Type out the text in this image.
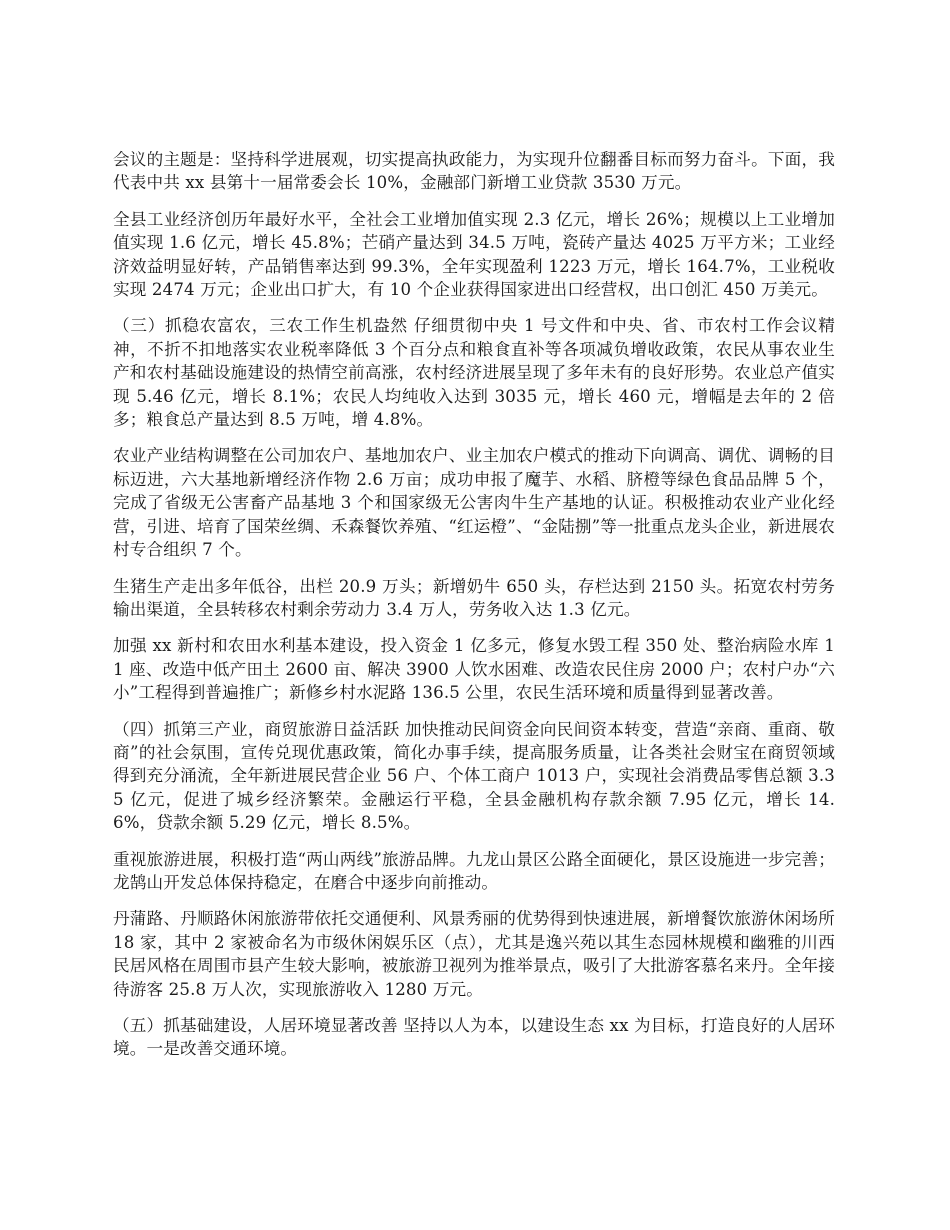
会议的主题是：坚持科学进展观，切实提高执政能力，为实现升位翻番目标而努力奋斗。下面，我代表中共 xx 县第十一届常委会长 10%，金融部门新增工业贷款 3530 万元。

全县工业经济创历年最好水平，全社会工业增加值实现 2.3 亿元，增长 26%；规模以上工业增加值实现 1.6 亿元，增长 45.8%；芒硝产量达到 34.5 万吨，瓷砖产量达 4025 万平方米；工业经济效益明显好转，产品销售率达到 99.3%，全年实现盈利 1223 万元，增长 164.7%，工业税收实现 2474 万元；企业出口扩大，有 10 个企业获得国家进出口经营权，出口创汇 450 万美元。

（三）抓稳农富农，三农工作生机盎然 仔细贯彻中央 1 号文件和中央、省、市农村工作会议精神，不折不扣地落实农业税率降低 3 个百分点和粮食直补等各项减负增收政策，农民从事农业生产和农村基础设施建设的热情空前高涨，农村经济进展呈现了多年未有的良好形势。农业总产值实现 5.46 亿元，增长 8.1%；农民人均纯收入达到 3035 元，增长 460 元，增幅是去年的 2 倍多；粮食总产量达到 8.5 万吨，增 4.8%。

农业产业结构调整在公司加农户、基地加农户、业主加农户模式的推动下向调高、调优、调畅的目标迈进，六大基地新增经济作物 2.6 万亩；成功申报了魔芋、水稻、脐橙等绿色食品品牌 5 个，完成了省级无公害畜产品基地 3 个和国家级无公害肉牛生产基地的认证。积极推动农业产业化经营，引进、培育了国荣丝绸、禾森餐饮养殖、“红运橙”、“金陆捌”等一批重点龙头企业，新进展农村专合组织 7 个。

生猪生产走出多年低谷，出栏 20.9 万头；新增奶牛 650 头，存栏达到 2150 头。拓宽农村劳务输出渠道，全县转移农村剩余劳动力 3.4 万人，劳务收入达 1.3 亿元。

加强 xx 新村和农田水利基本建设，投入资金 1 亿多元，修复水毁工程 350 处、整治病险水库 11 座、改造中低产田土 2600 亩、解决 3900 人饮水困难、改造农民住房 2000 户；农村户办“六小”工程得到普遍推广；新修乡村水泥路 136.5 公里，农民生活环境和质量得到显著改善。

（四）抓第三产业，商贸旅游日益活跃 加快推动民间资金向民间资本转变，营造“亲商、重商、敬商”的社会氛围，宣传兑现优惠政策，简化办事手续，提高服务质量，让各类社会财宝在商贸领域得到充分涌流，全年新进展民营企业 56 户、个体工商户 1013 户，实现社会消费品零售总额 3.35 亿元，促进了城乡经济繁荣。金融运行平稳，全县金融机构存款余额 7.95 亿元，增长 14.6%，贷款余额 5.29 亿元，增长 8.5%。

重视旅游进展，积极打造“两山两线”旅游品牌。九龙山景区公路全面硬化，景区设施进一步完善；龙鹄山开发总体保持稳定，在磨合中逐步向前推动。

丹蒲路、丹顺路休闲旅游带依托交通便利、风景秀丽的优势得到快速进展，新增餐饮旅游休闲场所 18 家，其中 2 家被命名为市级休闲娱乐区（点），尤其是逸兴苑以其生态园林规模和幽雅的川西民居风格在周围市县产生较大影响，被旅游卫视列为推举景点，吸引了大批游客慕名来丹。全年接待游客 25.8 万人次，实现旅游收入 1280 万元。

（五）抓基础建设，人居环境显著改善 坚持以人为本，以建设生态 xx 为目标，打造良好的人居环境。一是改善交通环境。
